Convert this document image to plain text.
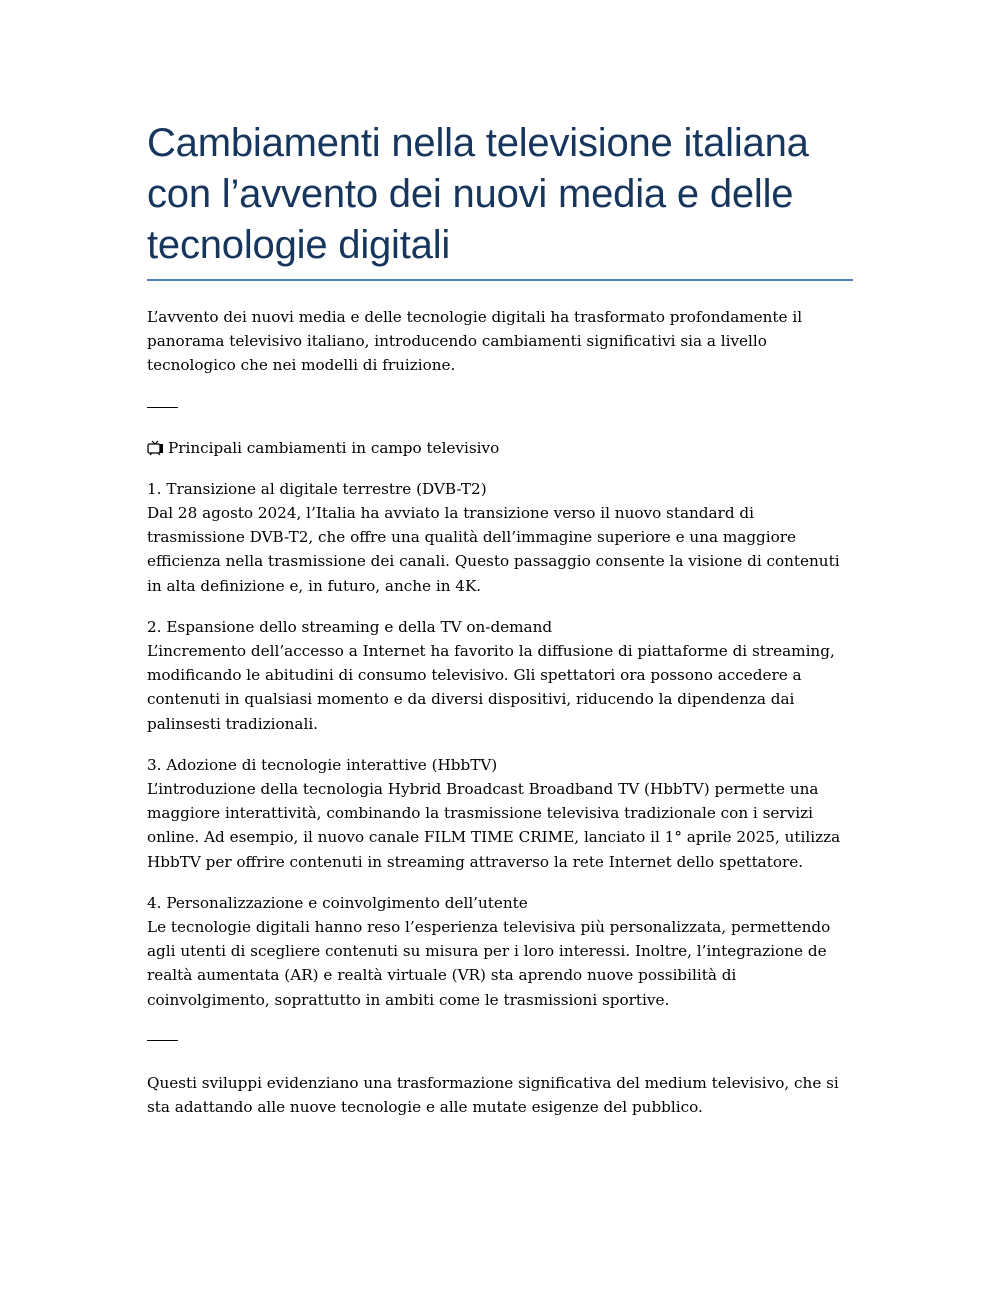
Cambiamenti nella televisione italiana con l’avvento dei nuovi media e delle tecnologie digitali

L’avvento dei nuovi media e delle tecnologie digitali ha trasformato profondamente il panorama televisivo italiano, introducendo cambiamenti significativi sia a livello tecnologico che nei modelli di fruizione.

Principali cambiamenti in campo televisivo

1. Transizione al digitale terrestre (DVB-T2)

Dal 28 agosto 2024, l’Italia ha avviato la transizione verso il nuovo standard di trasmissione DVB-T2, che offre una qualità dell’immagine superiore e una maggiore efficienza nella trasmissione dei canali. Questo passaggio consente la visione di contenuti in alta definizione e, in futuro, anche in 4K.

2. Espansione dello streaming e della TV on-demand

L’incremento dell’accesso a Internet ha favorito la diffusione di piattaforme di streaming, modificando le abitudini di consumo televisivo. Gli spettatori ora possono accedere a contenuti in qualsiasi momento e da diversi dispositivi, riducendo la dipendenza dai palinsesti tradizionali.

3. Adozione di tecnologie interattive (HbbTV)

L’introduzione della tecnologia Hybrid Broadcast Broadband TV (HbbTV) permette una maggiore interattività, combinando la trasmissione televisiva tradizionale con i servizi online. Ad esempio, il nuovo canale FILM TIME CRIME, lanciato il 1° aprile 2025, utilizza HbbTV per offrire contenuti in streaming attraverso la rete Internet dello spettatore.

4. Personalizzazione e coinvolgimento dell’utente

Le tecnologie digitali hanno reso l’esperienza televisiva più personalizzata, permettendo agli utenti di scegliere contenuti su misura per i loro interessi. Inoltre, l’integrazione de realtà aumentata (AR) e realtà virtuale (VR) sta aprendo nuove possibilità di coinvolgimento, soprattutto in ambiti come le trasmissioni sportive.

Questi sviluppi evidenziano una trasformazione significativa del medium televisivo, che si sta adattando alle nuove tecnologie e alle mutate esigenze del pubblico.
